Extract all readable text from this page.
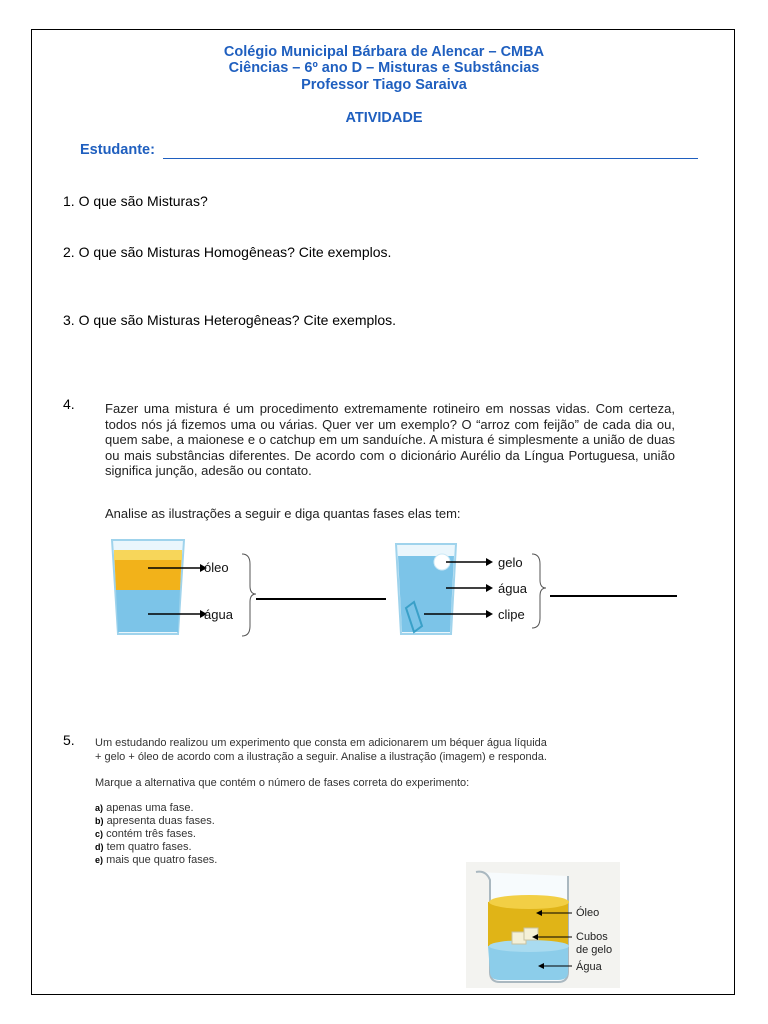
Colégio Municipal Bárbara de Alencar – CMBA
Ciências – 6º ano D – Misturas e Substâncias
Professor Tiago Saraiva
ATIVIDADE
Estudante:
1. O que são Misturas?
2. O que são Misturas Homogêneas? Cite exemplos.
3. O que são Misturas Heterogêneas? Cite exemplos.
4. Fazer uma mistura é um procedimento extremamente rotineiro em nossas vidas. Com certeza, todos nós já fizemos uma ou várias. Quer ver um exemplo? O “arroz com feijão” de cada dia ou, quem sabe, a maionese e o catchup em um sanduíche. A mistura é simplesmente a união de duas ou mais substâncias diferentes. De acordo com o dicionário Aurélio da Língua Portuguesa, união significa junção, adesão ou contato.
Analise as ilustrações a seguir e diga quantas fases elas tem:
óleo
água
gelo
água
clipe
5. Um estudando realizou um experimento que consta em adicionarem um béquer água líquida
+ gelo + óleo de acordo com a ilustração a seguir. Analise a ilustração (imagem) e responda.
Marque a alternativa que contém o número de fases correta do experimento:
a) apenas uma fase.
b) apresenta duas fases.
c) contém três fases.
d) tem quatro fases.
e) mais que quatro fases.
Óleo
Cubos
de gelo
Água
